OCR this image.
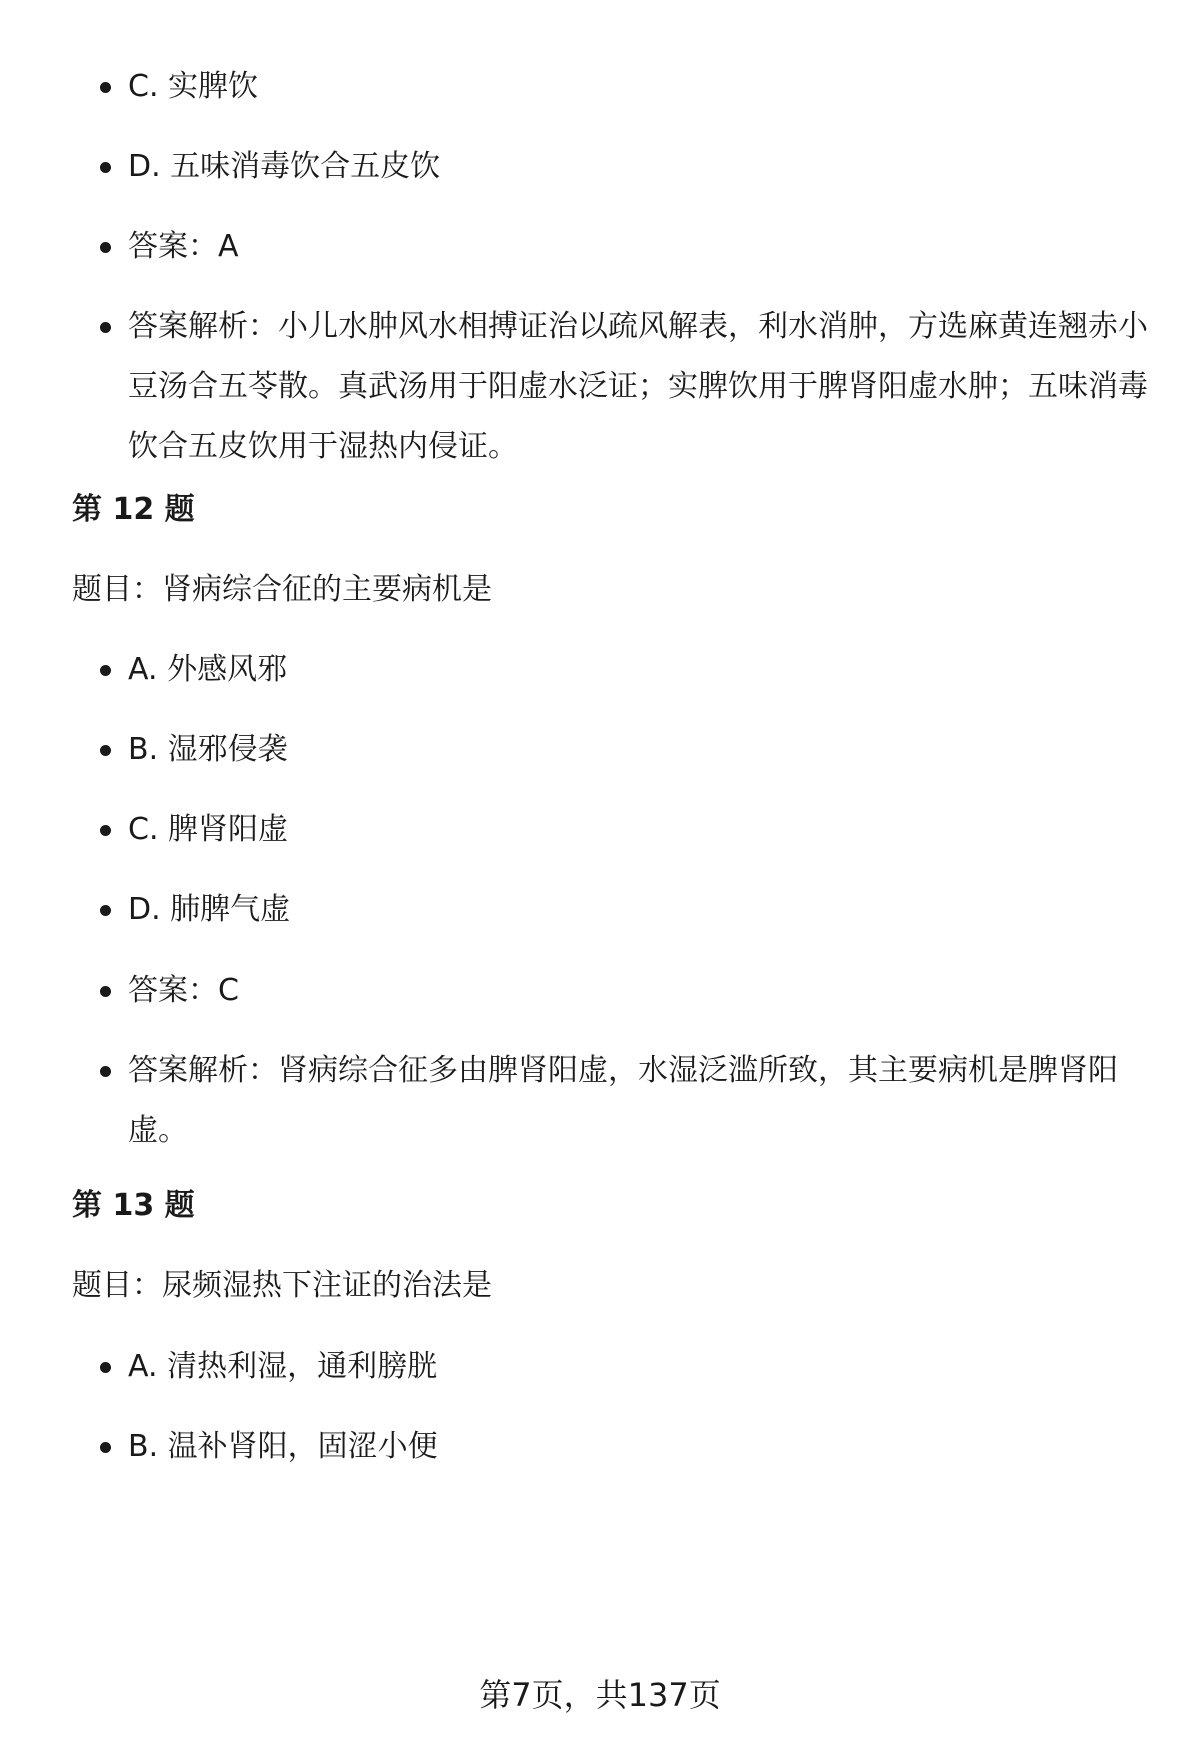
C. 实脾饮
D. 五味消毒饮合五皮饮
答案：A
答案解析：小儿水肿风水相搏证治以疏风解表，利水消肿，方选麻黄连翘赤小豆汤合五苓散。真武汤用于阳虚水泛证；实脾饮用于脾肾阳虚水肿；五味消毒饮合五皮饮用于湿热内侵证。
第 12 题
题目：肾病综合征的主要病机是
A. 外感风邪
B. 湿邪侵袭
C. 脾肾阳虚
D. 肺脾气虚
答案：C
答案解析：肾病综合征多由脾肾阳虚，水湿泛滥所致，其主要病机是脾肾阳虚。
第 13 题
题目：尿频湿热下注证的治法是
A. 清热利湿，通利膀胱
B. 温补肾阳，固涩小便
第7页，共137页
